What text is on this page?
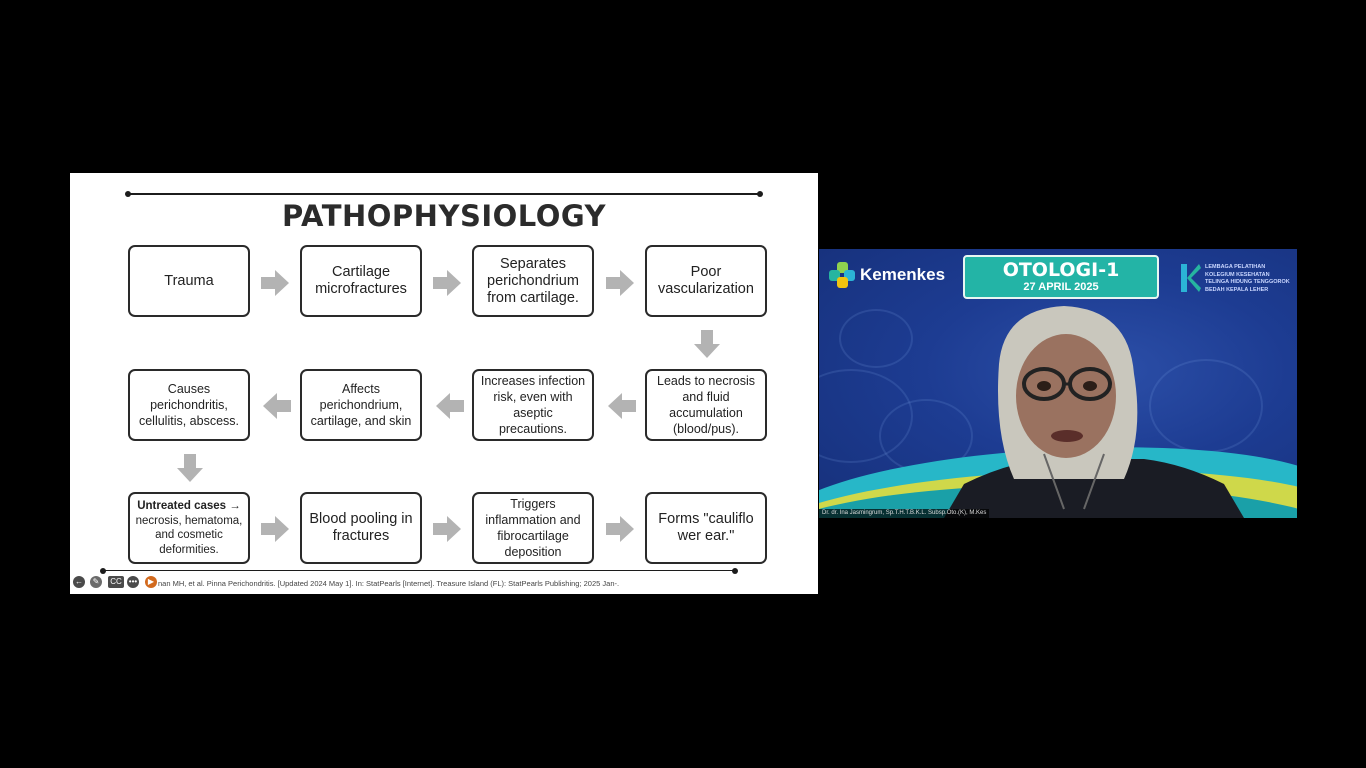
PATHOPHYSIOLOGY
Trauma
Cartilage microfractures
Separates perichondrium from cartilage.
Poor vascularization
Causes perichondritis, cellulitis, abscess.
Affects perichondrium, cartilage, and skin
Increases infection risk, even with aseptic precautions.
Leads to necrosis and fluid accumulation (blood/pus).
Untreated cases → necrosis, hematoma, and cosmetic deformities.
Blood pooling in fractures
Triggers inflammation and fibrocartilage deposition
Forms "cauliflo wer ear."
←	✎	CC •••	▶ nan MH, et al. Pinna Perichondritis. [Updated 2024 May 1]. In: StatPearls [Internet]. Treasure Island (FL): StatPearls Publishing; 2025 Jan-.
Kemenkes	OTOLOGI-1
27 APRIL 2025
LEMBAGA PELATIHAN
KOLEGIUM KESEHATAN
TELINGA HIDUNG TENGGOROK
BEDAH KEPALA LEHER
Dr. dr. Ina Jasmingrum, Sp.T.H.T.B.K.L. Subsp.Oto.(K), M.Kes
